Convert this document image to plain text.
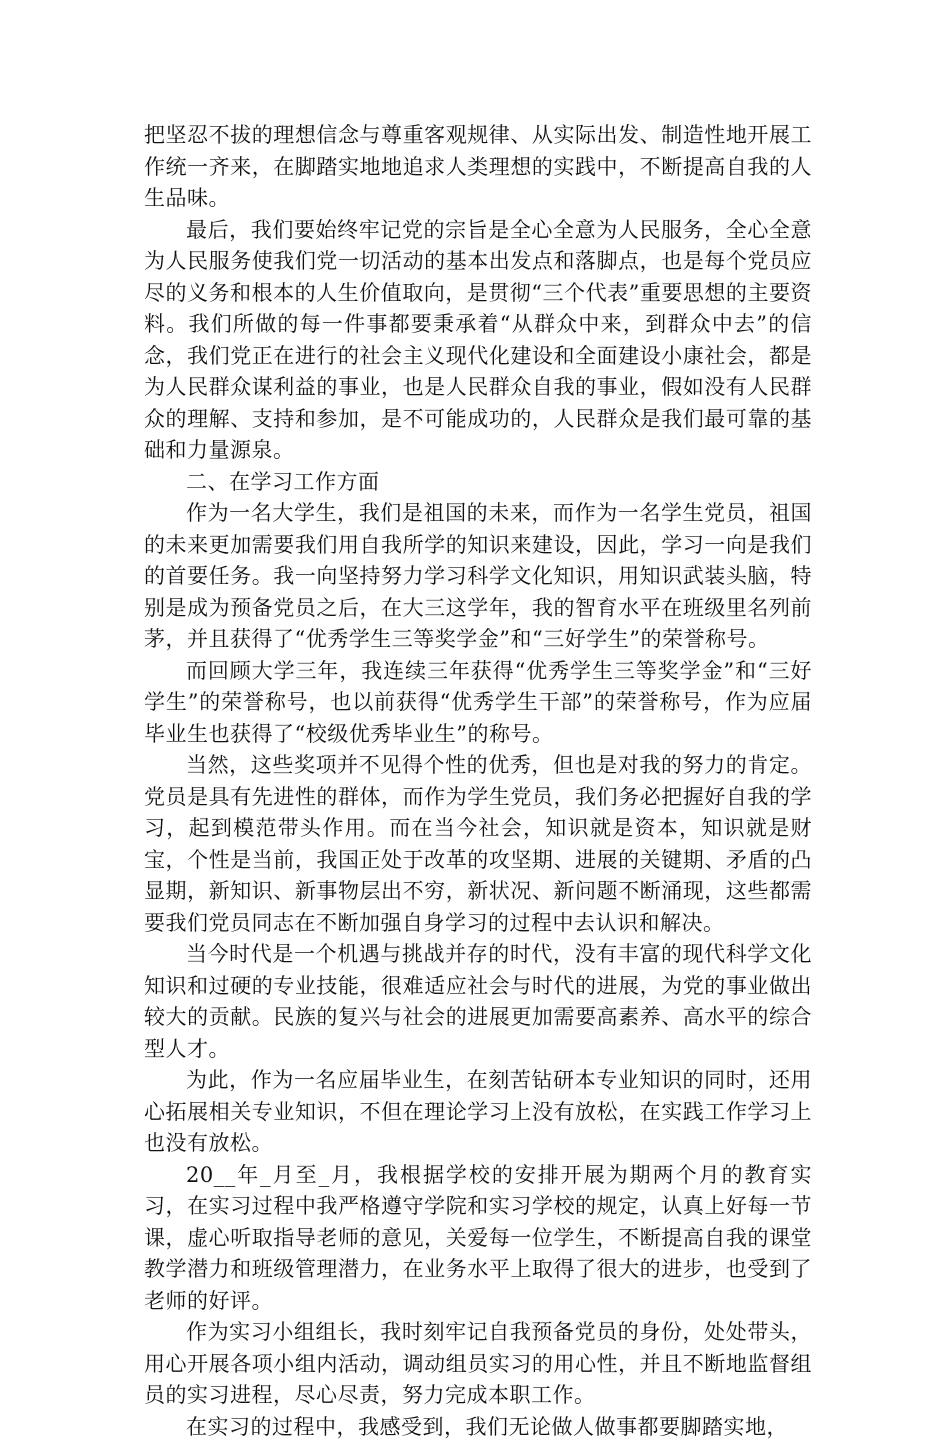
把坚忍不拔的理想信念与尊重客观规律、从实际出发、制造性地开展工作统一齐来，在脚踏实地地追求人类理想的实践中，不断提高自我的人生品味。

最后，我们要始终牢记党的宗旨是全心全意为人民服务，全心全意为人民服务使我们党一切活动的基本出发点和落脚点，也是每个党员应尽的义务和根本的人生价值取向，是贯彻“三个代表”重要思想的主要资料。我们所做的每一件事都要秉承着“从群众中来，到群众中去”的信念，我们党正在进行的社会主义现代化建设和全面建设小康社会，都是为人民群众谋利益的事业，也是人民群众自我的事业，假如没有人民群众的理解、支持和参加，是不可能成功的，人民群众是我们最可靠的基础和力量源泉。

二、在学习工作方面

作为一名大学生，我们是祖国的未来，而作为一名学生党员，祖国的未来更加需要我们用自我所学的知识来建设，因此，学习一向是我们的首要任务。我一向坚持努力学习科学文化知识，用知识武装头脑，特别是成为预备党员之后，在大三这学年，我的智育水平在班级里名列前茅，并且获得了“优秀学生三等奖学金”和“三好学生”的荣誉称号。

而回顾大学三年，我连续三年获得“优秀学生三等奖学金”和“三好学生”的荣誉称号，也以前获得“优秀学生干部”的荣誉称号，作为应届毕业生也获得了“校级优秀毕业生”的称号。

当然，这些奖项并不见得个性的优秀，但也是对我的努力的肯定。党员是具有先进性的群体，而作为学生党员，我们务必把握好自我的学习，起到模范带头作用。而在当今社会，知识就是资本，知识就是财宝，个性是当前，我国正处于改革的攻坚期、进展的关键期、矛盾的凸显期，新知识、新事物层出不穷，新状况、新问题不断涌现，这些都需要我们党员同志在不断加强自身学习的过程中去认识和解决。

当今时代是一个机遇与挑战并存的时代，没有丰富的现代科学文化知识和过硬的专业技能，很难适应社会与时代的进展，为党的事业做出较大的贡献。民族的复兴与社会的进展更加需要高素养、高水平的综合型人才。

为此，作为一名应届毕业生，在刻苦钻研本专业知识的同时，还用心拓展相关专业知识，不但在理论学习上没有放松，在实践工作学习上也没有放松。

20__年_月至_月，我根据学校的安排开展为期两个月的教育实习，在实习过程中我严格遵守学院和实习学校的规定，认真上好每一节课，虚心听取指导老师的意见，关爱每一位学生，不断提高自我的课堂教学潜力和班级管理潜力，在业务水平上取得了很大的进步，也受到了老师的好评。

作为实习小组组长，我时刻牢记自我预备党员的身份，处处带头，用心开展各项小组内活动，调动组员实习的用心性，并且不断地监督组员的实习进程，尽心尽责，努力完成本职工作。

在实习的过程中，我感受到，我们无论做人做事都要脚踏实地，
